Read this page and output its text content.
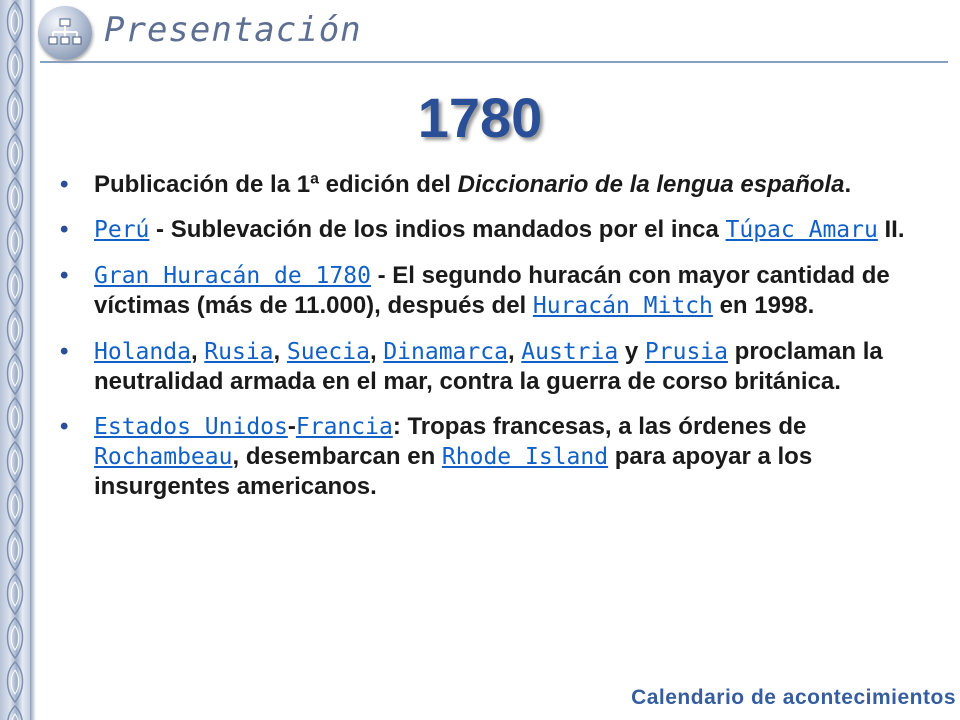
Presentación
1780
• Publicación de la 1ª edición del Diccionario de la lengua española.
• Perú - Sublevación de los indios mandados por el inca Túpac Amaru II.
• Gran Huracán de 1780 - El segundo huracán con mayor cantidad de víctimas (más de 11.000), después del Huracán Mitch en 1998.
• Holanda, Rusia, Suecia, Dinamarca, Austria y Prusia proclaman la neutralidad armada en el mar, contra la guerra de corso británica.
• Estados Unidos-Francia: Tropas francesas, a las órdenes de Rochambeau, desembarcan en Rhode Island para apoyar a los insurgentes americanos.
Calendario de acontecimientos
